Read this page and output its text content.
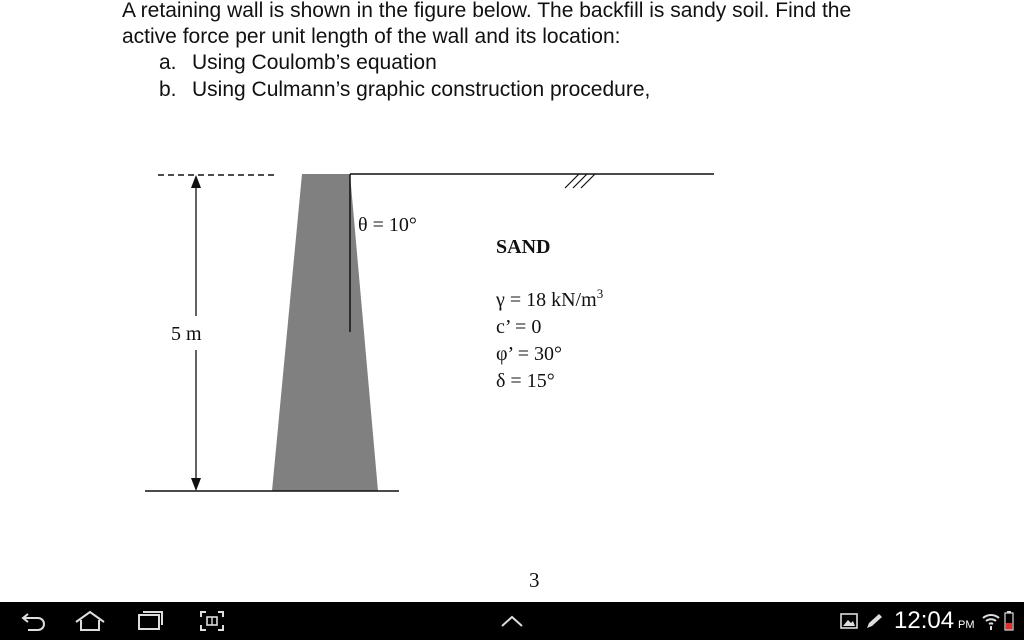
A retaining wall is shown in the figure below. The backfill is sandy soil. Find the
active force per unit length of the wall and its location:
a. Using Coulomb’s equation
b. Using Culmann’s graphic construction procedure,
5 m
θ = 10°
SAND
γ = 18 $kN/m^3$
c’ = 0
φ’ = 30°
δ = 15°
3
12:04 PM
